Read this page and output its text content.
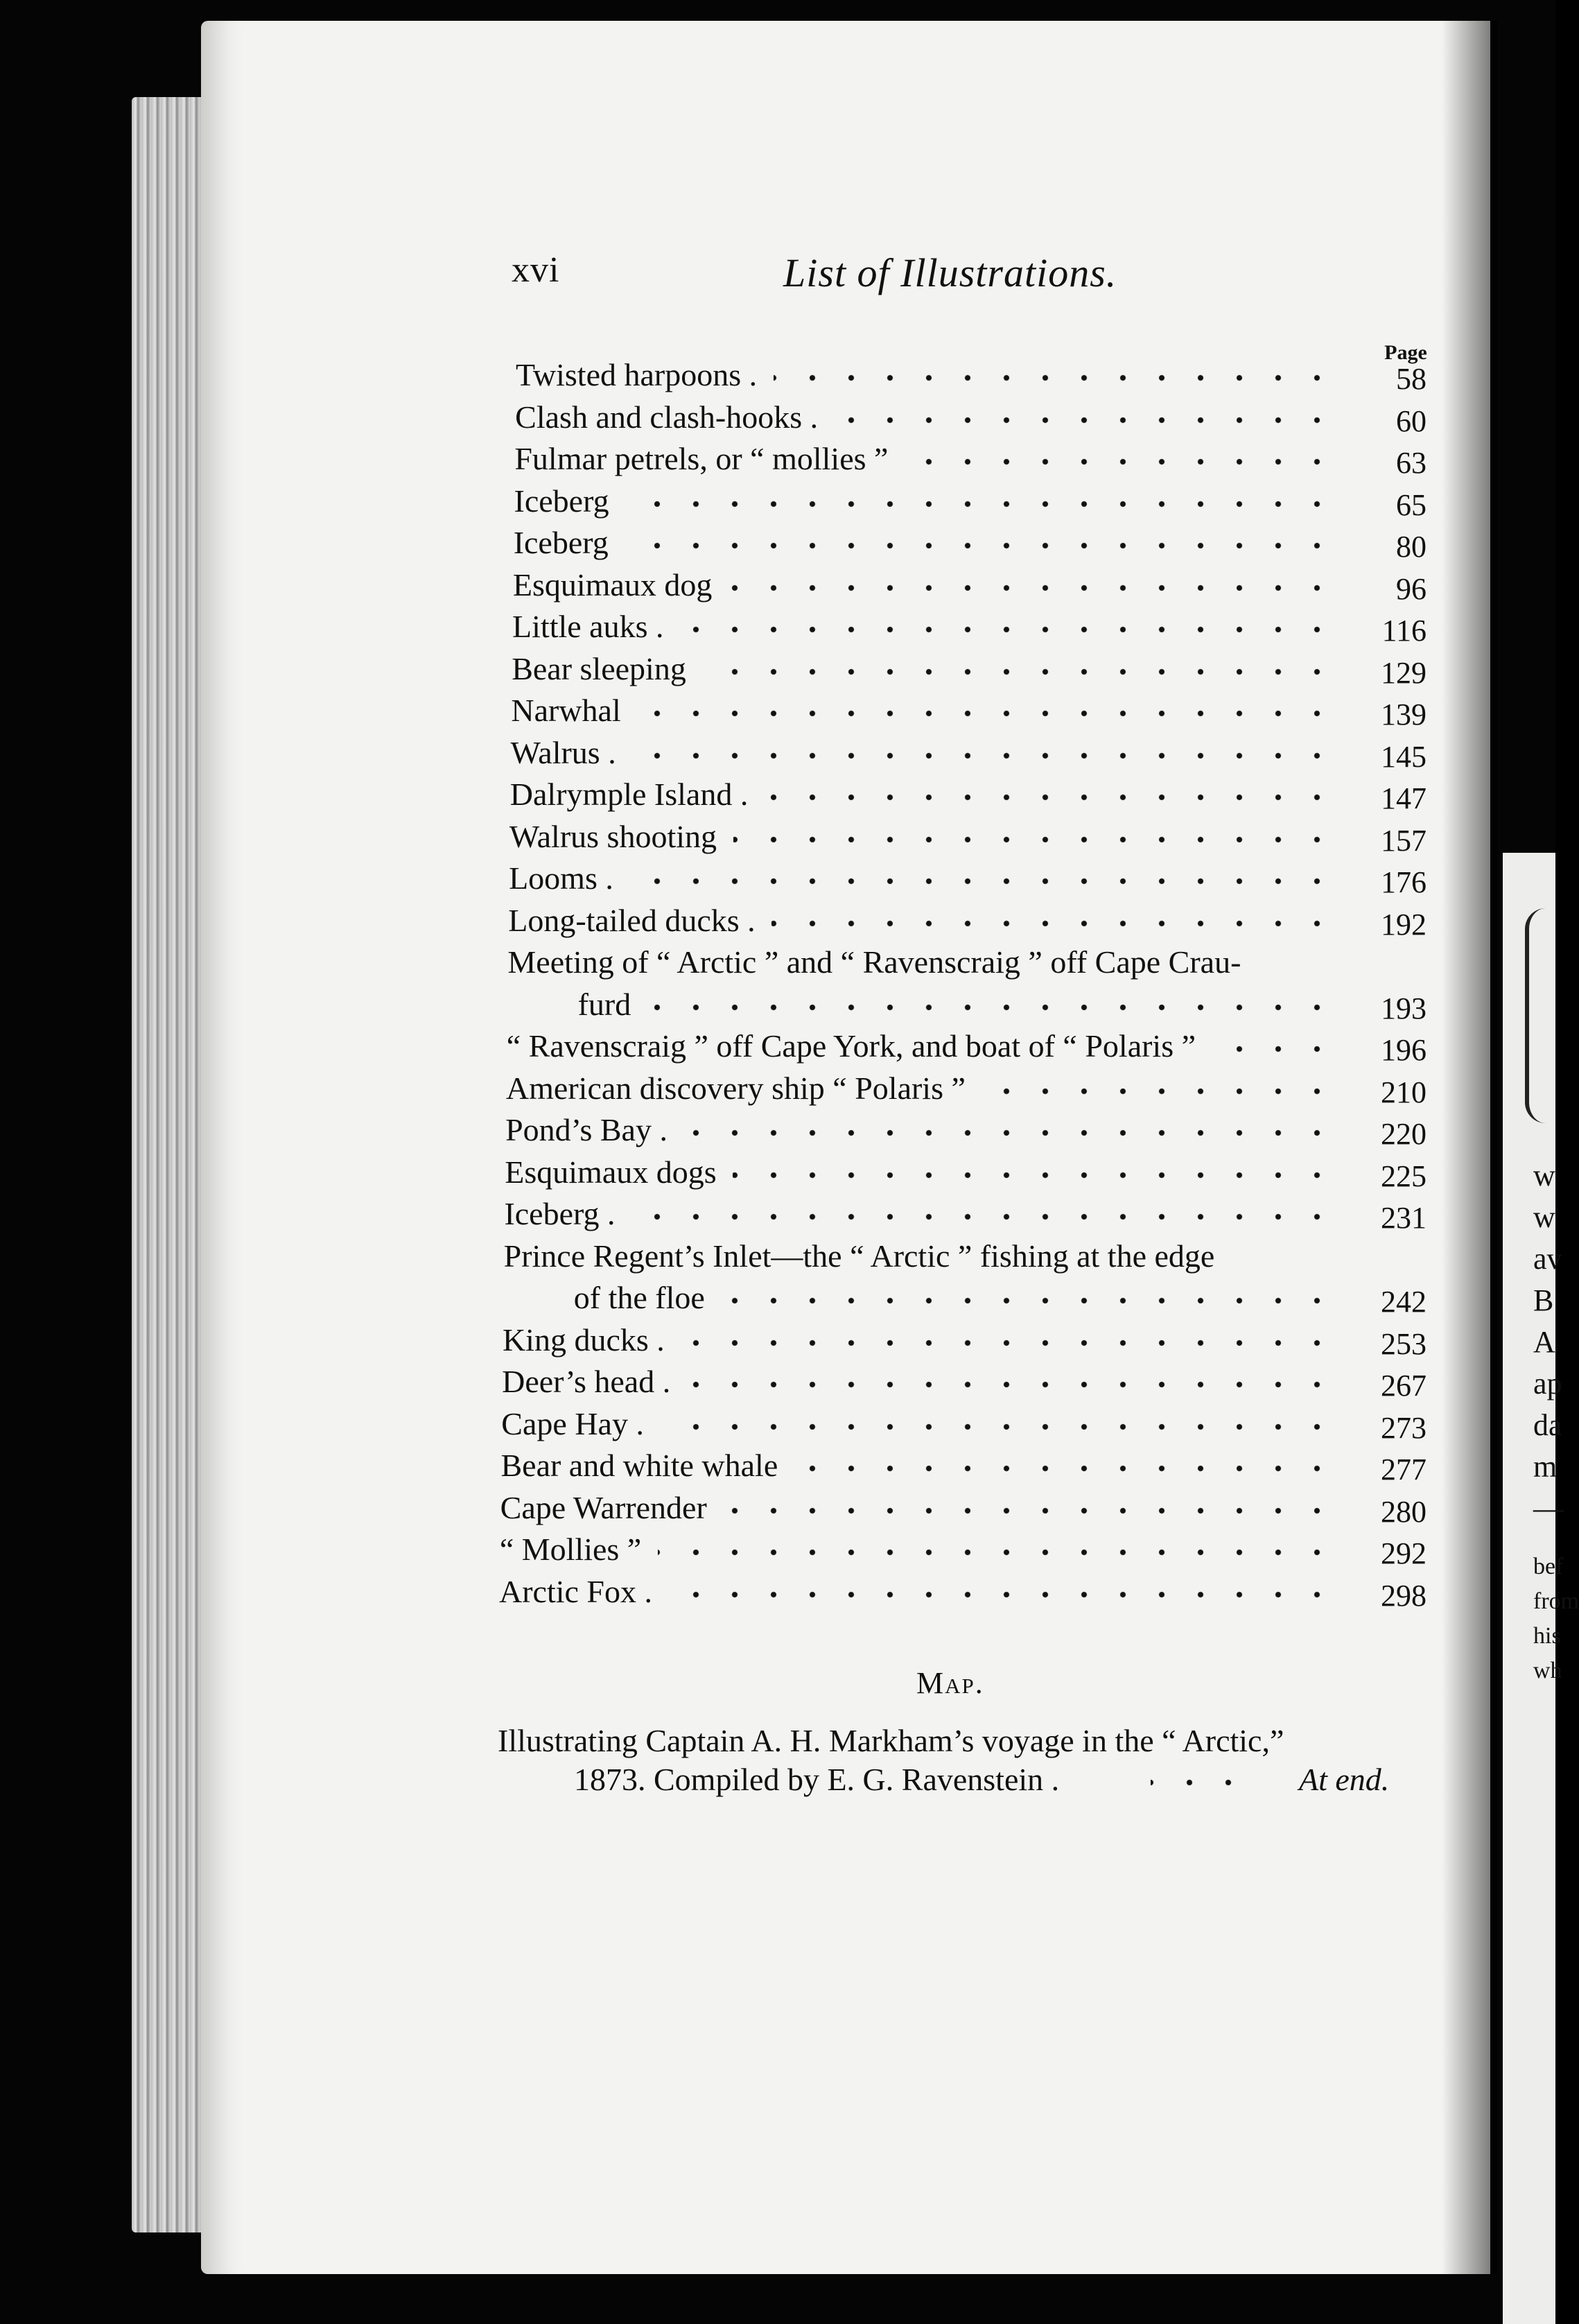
w
w
av
B
A
ap
da
m
—
bef
from
his
wh
xvi	List of Illustrations.
Page
Twisted harpoons .	58
Clash and clash-hooks .	60
Fulmar petrels, or “ mollies ”	63
Iceberg	65
Iceberg	80
Esquimaux dog	96
Little auks .	116
Bear sleeping	129
Narwhal	139
Walrus .	145
Dalrymple Island .	147
Walrus shooting	157
Looms .	176
Long-tailed ducks .	192
Meeting of “ Arctic ” and “ Ravenscraig ” off Cape Crau-
furd	193
“ Ravenscraig ” off Cape York, and boat of “ Polaris ”	196
American discovery ship “ Polaris ”	210
Pond’s Bay .	220
Esquimaux dogs	225
Iceberg .	231
Prince Regent’s Inlet—the “ Arctic ” fishing at the edge
of the floe	242
King ducks .	253
Deer’s head .	267
Cape Hay .	273
Bear and white whale	277
Cape Warrender	280
“ Mollies ”	292
Arctic Fox .	298
Map.
Illustrating Captain A. H. Markham’s voyage in the “ Arctic,”
1873. Compiled by E. G. Ravenstein .	At end.
